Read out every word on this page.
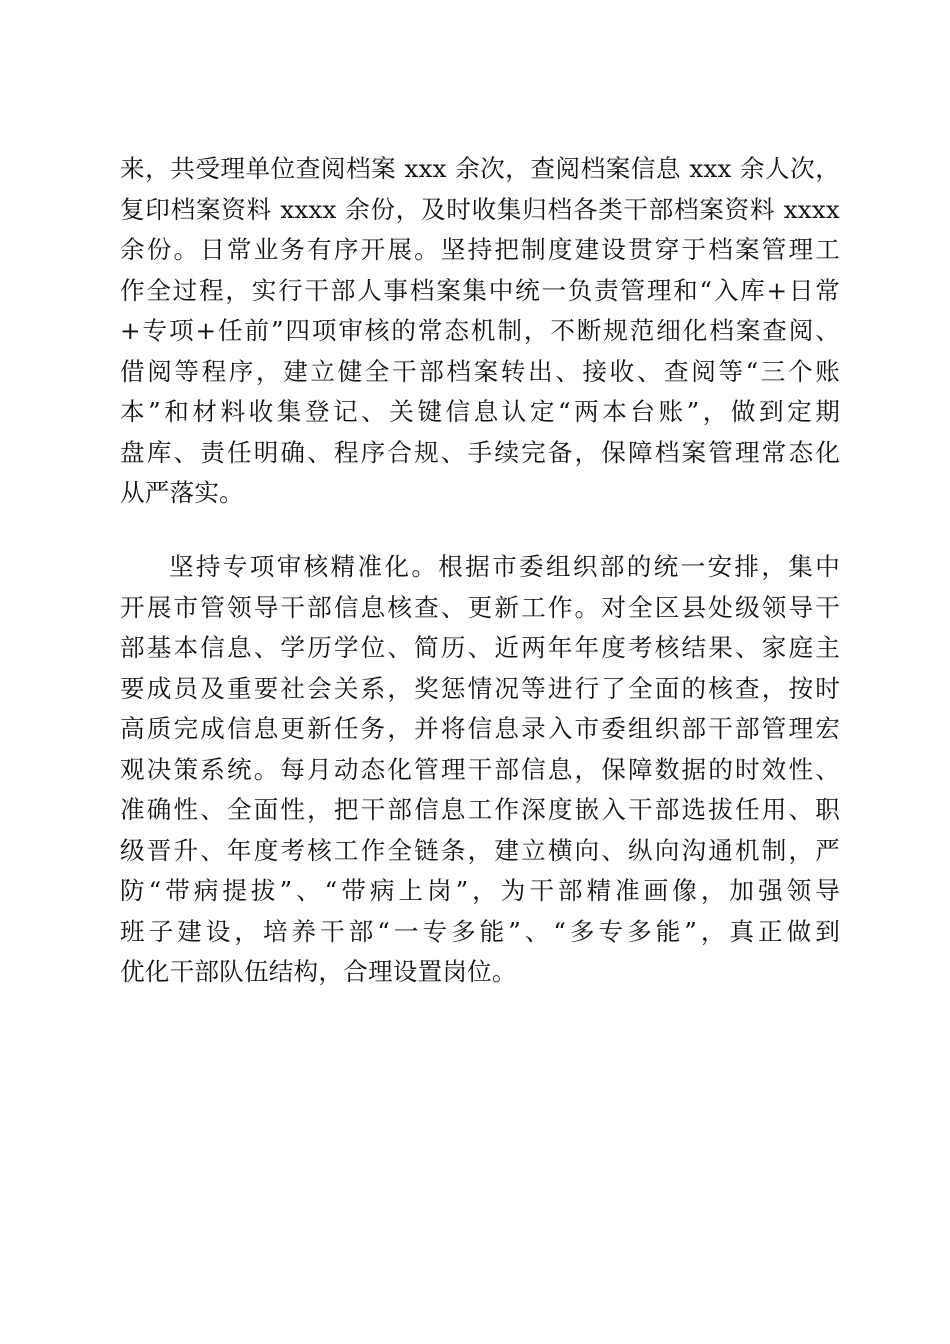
来，共受理单位查阅档案 xxx 余次，查阅档案信息 xxx 余人次，
复印档案资料 xxxx 余份，及时收集归档各类干部档案资料 xxxx
余份。日常业务有序开展。坚持把制度建设贯穿于档案管理工
作全过程，实行干部人事档案集中统一负责管理和“入库+日常
+专项+任前”四项审核的常态机制，不断规范细化档案查阅、
借阅等程序，建立健全干部档案转出、接收、查阅等“三个账
本”和材料收集登记、关键信息认定“两本台账”，做到定期
盘库、责任明确、程序合规、手续完备，保障档案管理常态化
从严落实。
坚持专项审核精准化。根据市委组织部的统一安排，集中
开展市管领导干部信息核查、更新工作。对全区县处级领导干
部基本信息、学历学位、简历、近两年年度考核结果、家庭主
要成员及重要社会关系，奖惩情况等进行了全面的核查，按时
高质完成信息更新任务，并将信息录入市委组织部干部管理宏
观决策系统。每月动态化管理干部信息，保障数据的时效性、
准确性、全面性，把干部信息工作深度嵌入干部选拔任用、职
级晋升、年度考核工作全链条，建立横向、纵向沟通机制，严
防“带病提拔”、“带病上岗”，为干部精准画像，加强领导
班子建设，培养干部“一专多能”、“多专多能”，真正做到
优化干部队伍结构，合理设置岗位。
